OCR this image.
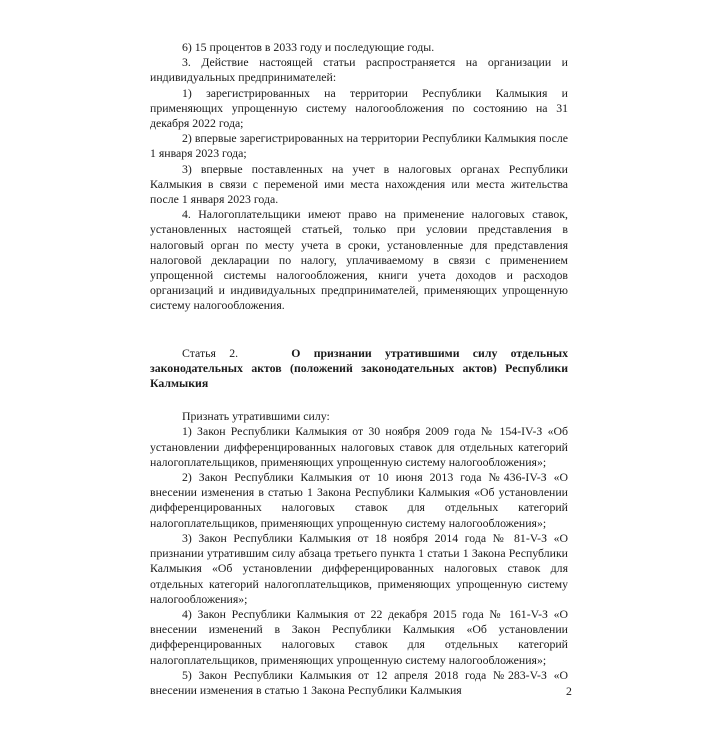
6) 15 процентов в 2033 году и последующие годы.

3. Действие настоящей статьи распространяется на организации и индивидуальных предпринимателей:

1) зарегистрированных на территории Республики Калмыкия и применяющих упрощенную систему налогообложения по состоянию на 31 декабря 2022 года;

2) впервые зарегистрированных на территории Республики Калмыкия после 1 января 2023 года;

3) впервые поставленных на учет в налоговых органах Республики Калмыкия в связи с переменой ими места нахождения или места жительства после 1 января 2023 года.

4. Налогоплательщики имеют право на применение налоговых ставок, установленных настоящей статьей, только при условии представления в налоговый орган по месту учета в сроки, установленные для представления налоговой декларации по налогу, уплачиваемому в связи с применением упрощенной системы налогообложения, книги учета доходов и расходов организаций и индивидуальных предпринимателей, применяющих упрощенную систему налогообложения.

Статья 2.	О признании утратившими силу отдельных законодательных актов (положений законодательных актов) Республики Калмыкия

Признать утратившими силу:

1) Закон Республики Калмыкия от 30 ноября 2009 года № 154-IV-З «Об установлении дифференцированных налоговых ставок для отдельных категорий налогоплательщиков, применяющих упрощенную систему налогообложения»;

2) Закон Республики Калмыкия от 10 июня 2013 года №436-IV-З «О внесении изменения в статью 1 Закона Республики Калмыкия «Об установлении дифференцированных налоговых ставок для отдельных категорий налогоплательщиков, применяющих упрощенную систему налогообложения»;

3) Закон Республики Калмыкия от 18 ноября 2014 года № 81-V-З «О признании утратившим силу абзаца третьего пункта 1 статьи 1 Закона Республики Калмыкия «Об установлении дифференцированных налоговых ставок для отдельных категорий налогоплательщиков, применяющих упрощенную систему налогообложения»;

4) Закон Республики Калмыкия от 22 декабря 2015 года № 161-V-З «О внесении изменений в Закон Республики Калмыкия «Об установлении дифференцированных налоговых ставок для отдельных категорий налогоплательщиков, применяющих упрощенную систему налогообложения»;

5) Закон Республики Калмыкия от 12 апреля 2018 года №283-V-З «О внесении изменения в статью 1 Закона Республики Калмыкия	2
